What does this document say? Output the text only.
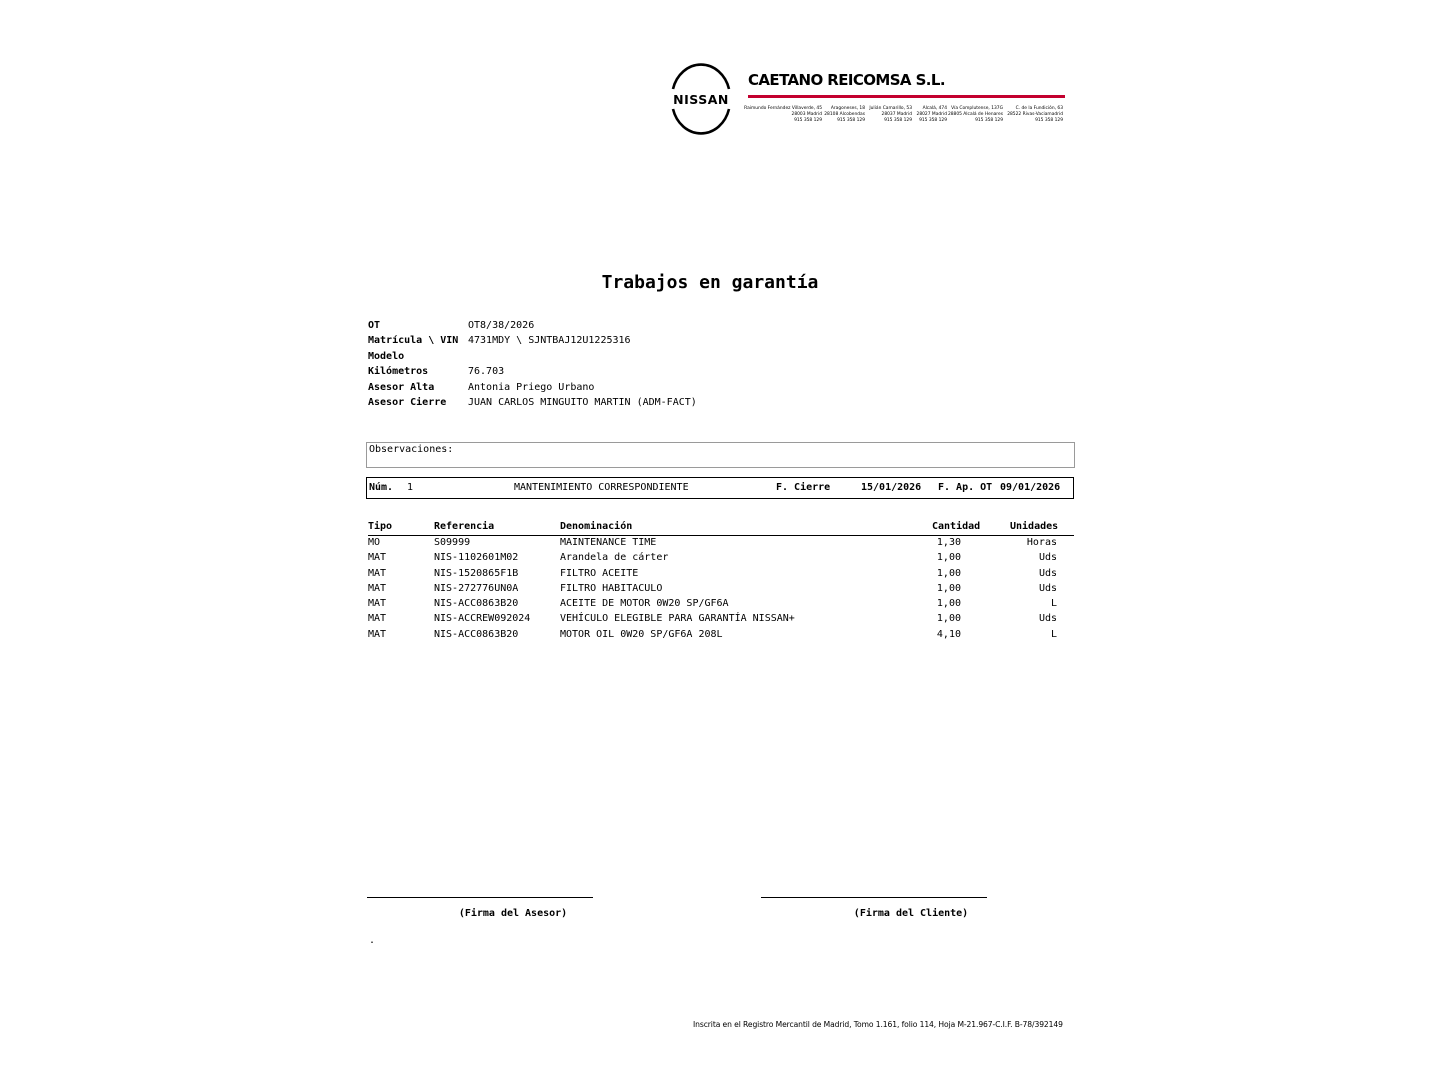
NISSAN
CAETANO REICOMSA S.L.
Raimundo Fernández Villaverde, 45
28003 Madrid
915 358 129
Aragoneses, 18
28108 Alcobendas
915 358 129
Julián Camarillo, 53
28037 Madrid
915 358 129
Alcalá, 474
28027 Madrid
915 358 129
Vía Complutense, 137G
28805 Alcalá de Henares
915 358 129
C. de la Fundición, 63
28522 Rivas-Vaciamadrid
915 358 129
Trabajos en garantía
OT	OT8/38/2026
Matrícula \ VIN 4731MDY \ SJNTBAJ12U1225316
Modelo
Kilómetros	76.703
Asesor Alta	Antonia Priego Urbano
Asesor Cierre JUAN CARLOS MINGUITO MARTIN (ADM-FACT)
Observaciones:
Núm. 1	MANTENIMIENTO CORRESPONDIENTE	F. Cierre	15/01/2026 F. Ap. OT 09/01/2026
Tipo	Referencia	Denominación	Cantidad	Unidades
MO	S09999	MAINTENANCE TIME	1,30	Horas
MAT	NIS-1102601M02	Arandela de cárter	1,00	Uds
MAT	NIS-1520865F1B	FILTRO ACEITE	1,00	Uds
MAT	NIS-272776UN0A	FILTRO HABITACULO	1,00	Uds
MAT	NIS-ACC0863B20	ACEITE DE MOTOR 0W20 SP/GF6A	1,00	L
MAT	NIS-ACCREW092024	VEHÍCULO ELEGIBLE PARA GARANTÍA NISSAN+	1,00	Uds
MAT	NIS-ACC0863B20	MOTOR OIL 0W20 SP/GF6A 208L	4,10	L
(Firma del Asesor)	(Firma del Cliente)
.
Inscrita en el Registro Mercantil de Madrid, Tomo 1.161, folio 114, Hoja M-21.967-C.I.F. B-78/392149
